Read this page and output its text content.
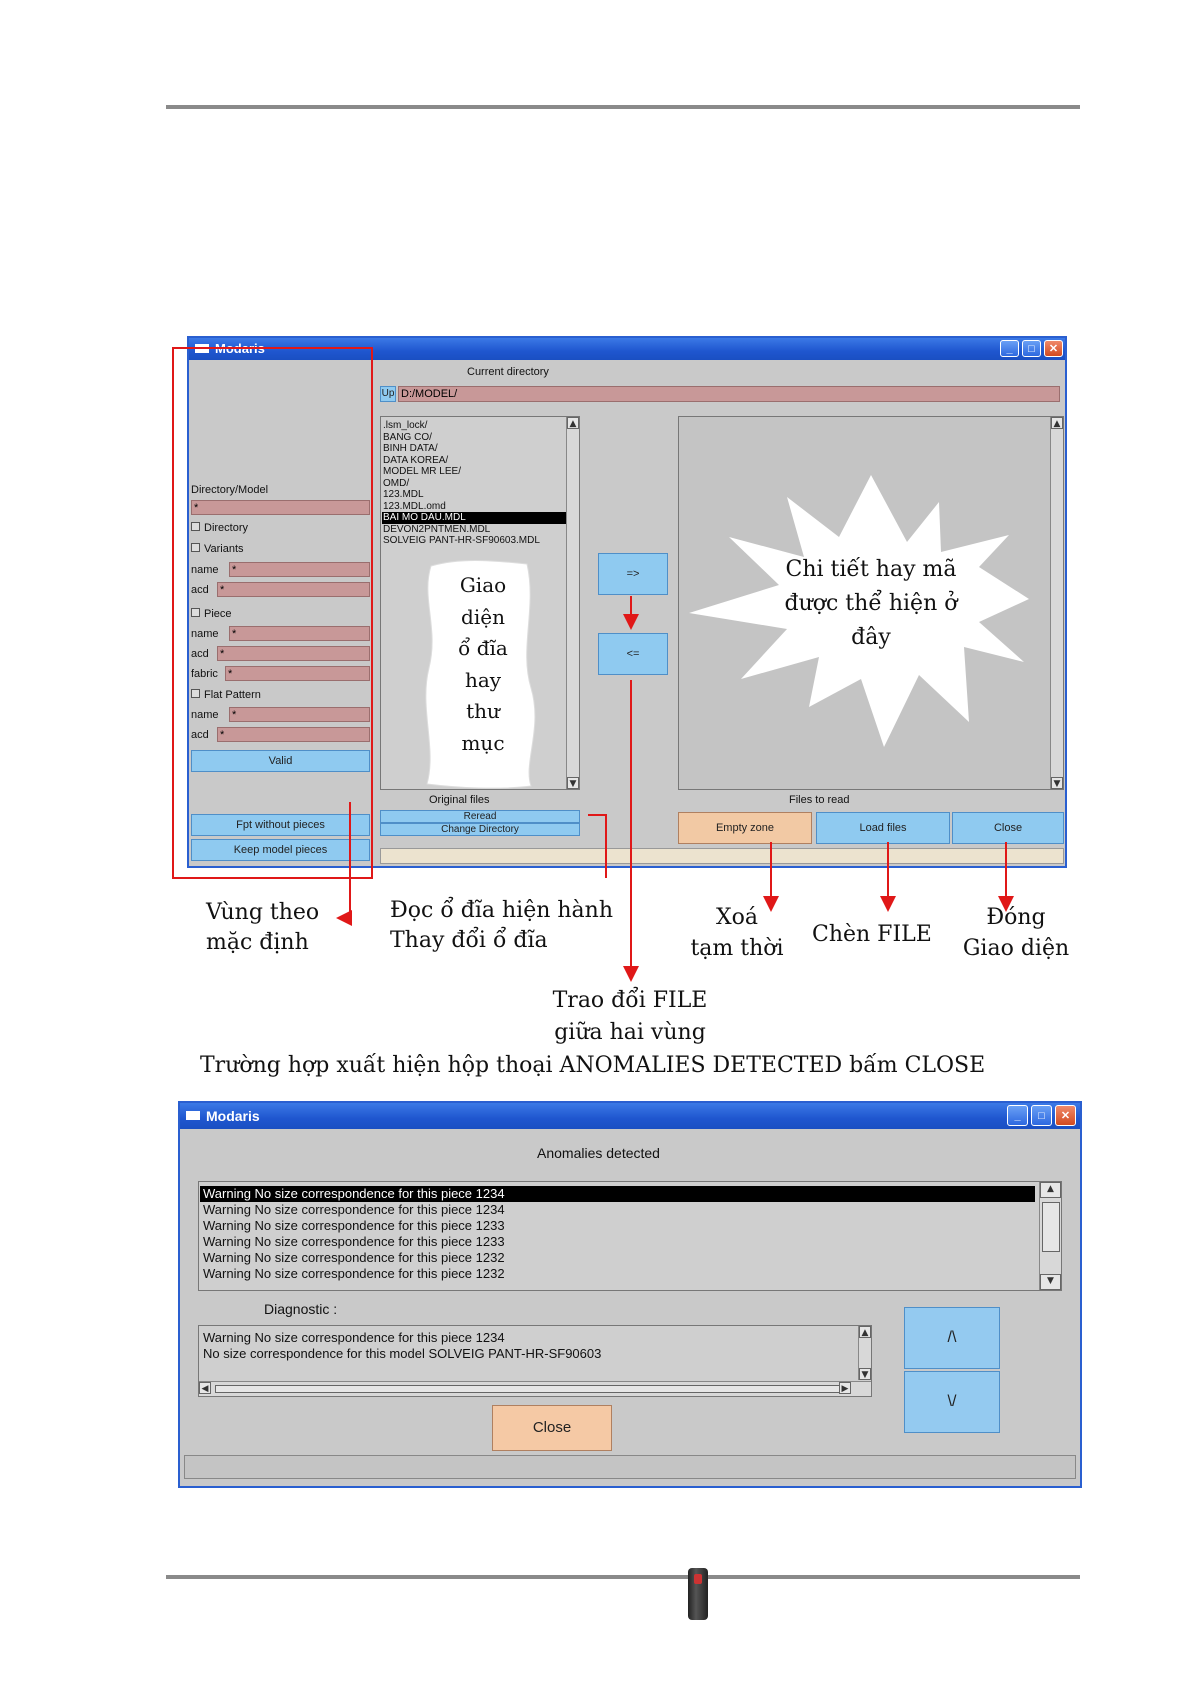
Modaris	_	□	✕
Current directory
Up D:/MODEL/
Directory/Model
*
Directory
Variants
name *
acd *
Piece
name *
acd *
fabric *
Flat Pattern
name *
acd *
Valid
Fpt without pieces
Keep model pieces
.lsm_lock/
BANG CO/
BINH DATA/
DATA KOREA/
MODEL MR LEE/
OMD/
123.MDL
123.MDL.omd
BAI MO DAU.MDL
DEVON2PNTMEN.MDL
SOLVEIG PANT-HR-SF90603.MDL
▲
▼
Giao
diện
ổ đĩa
hay
thư
mục
Original files
Reread
Change Directory
=>
<=
Chi tiết hay mã
được thể hiện ở
đây
▲
▼
Files to read
Empty zone	Load files	Close
Vùng theo
mặc định
Đọc ổ đĩa hiện hành
Thay đổi ổ đĩa
Xoá
tạm thời
Chèn FILE
Đóng
Giao diện
Trao đổi FILE
giữa hai vùng
Trường hợp xuất hiện hộp thoại ANOMALIES DETECTED bấm CLOSE
Modaris	_	□	✕
Anomalies detected
Warning No size correspondence for this piece 1234
Warning No size correspondence for this piece 1234
Warning No size correspondence for this piece 1233
Warning No size correspondence for this piece 1233
Warning No size correspondence for this piece 1232
Warning No size correspondence for this piece 1232
▲
▼
Diagnostic :
Warning No size correspondence for this piece 1234
No size correspondence for this model SOLVEIG PANT-HR-SF90603
▲
▼
◀	▶
/\
\/
Close
